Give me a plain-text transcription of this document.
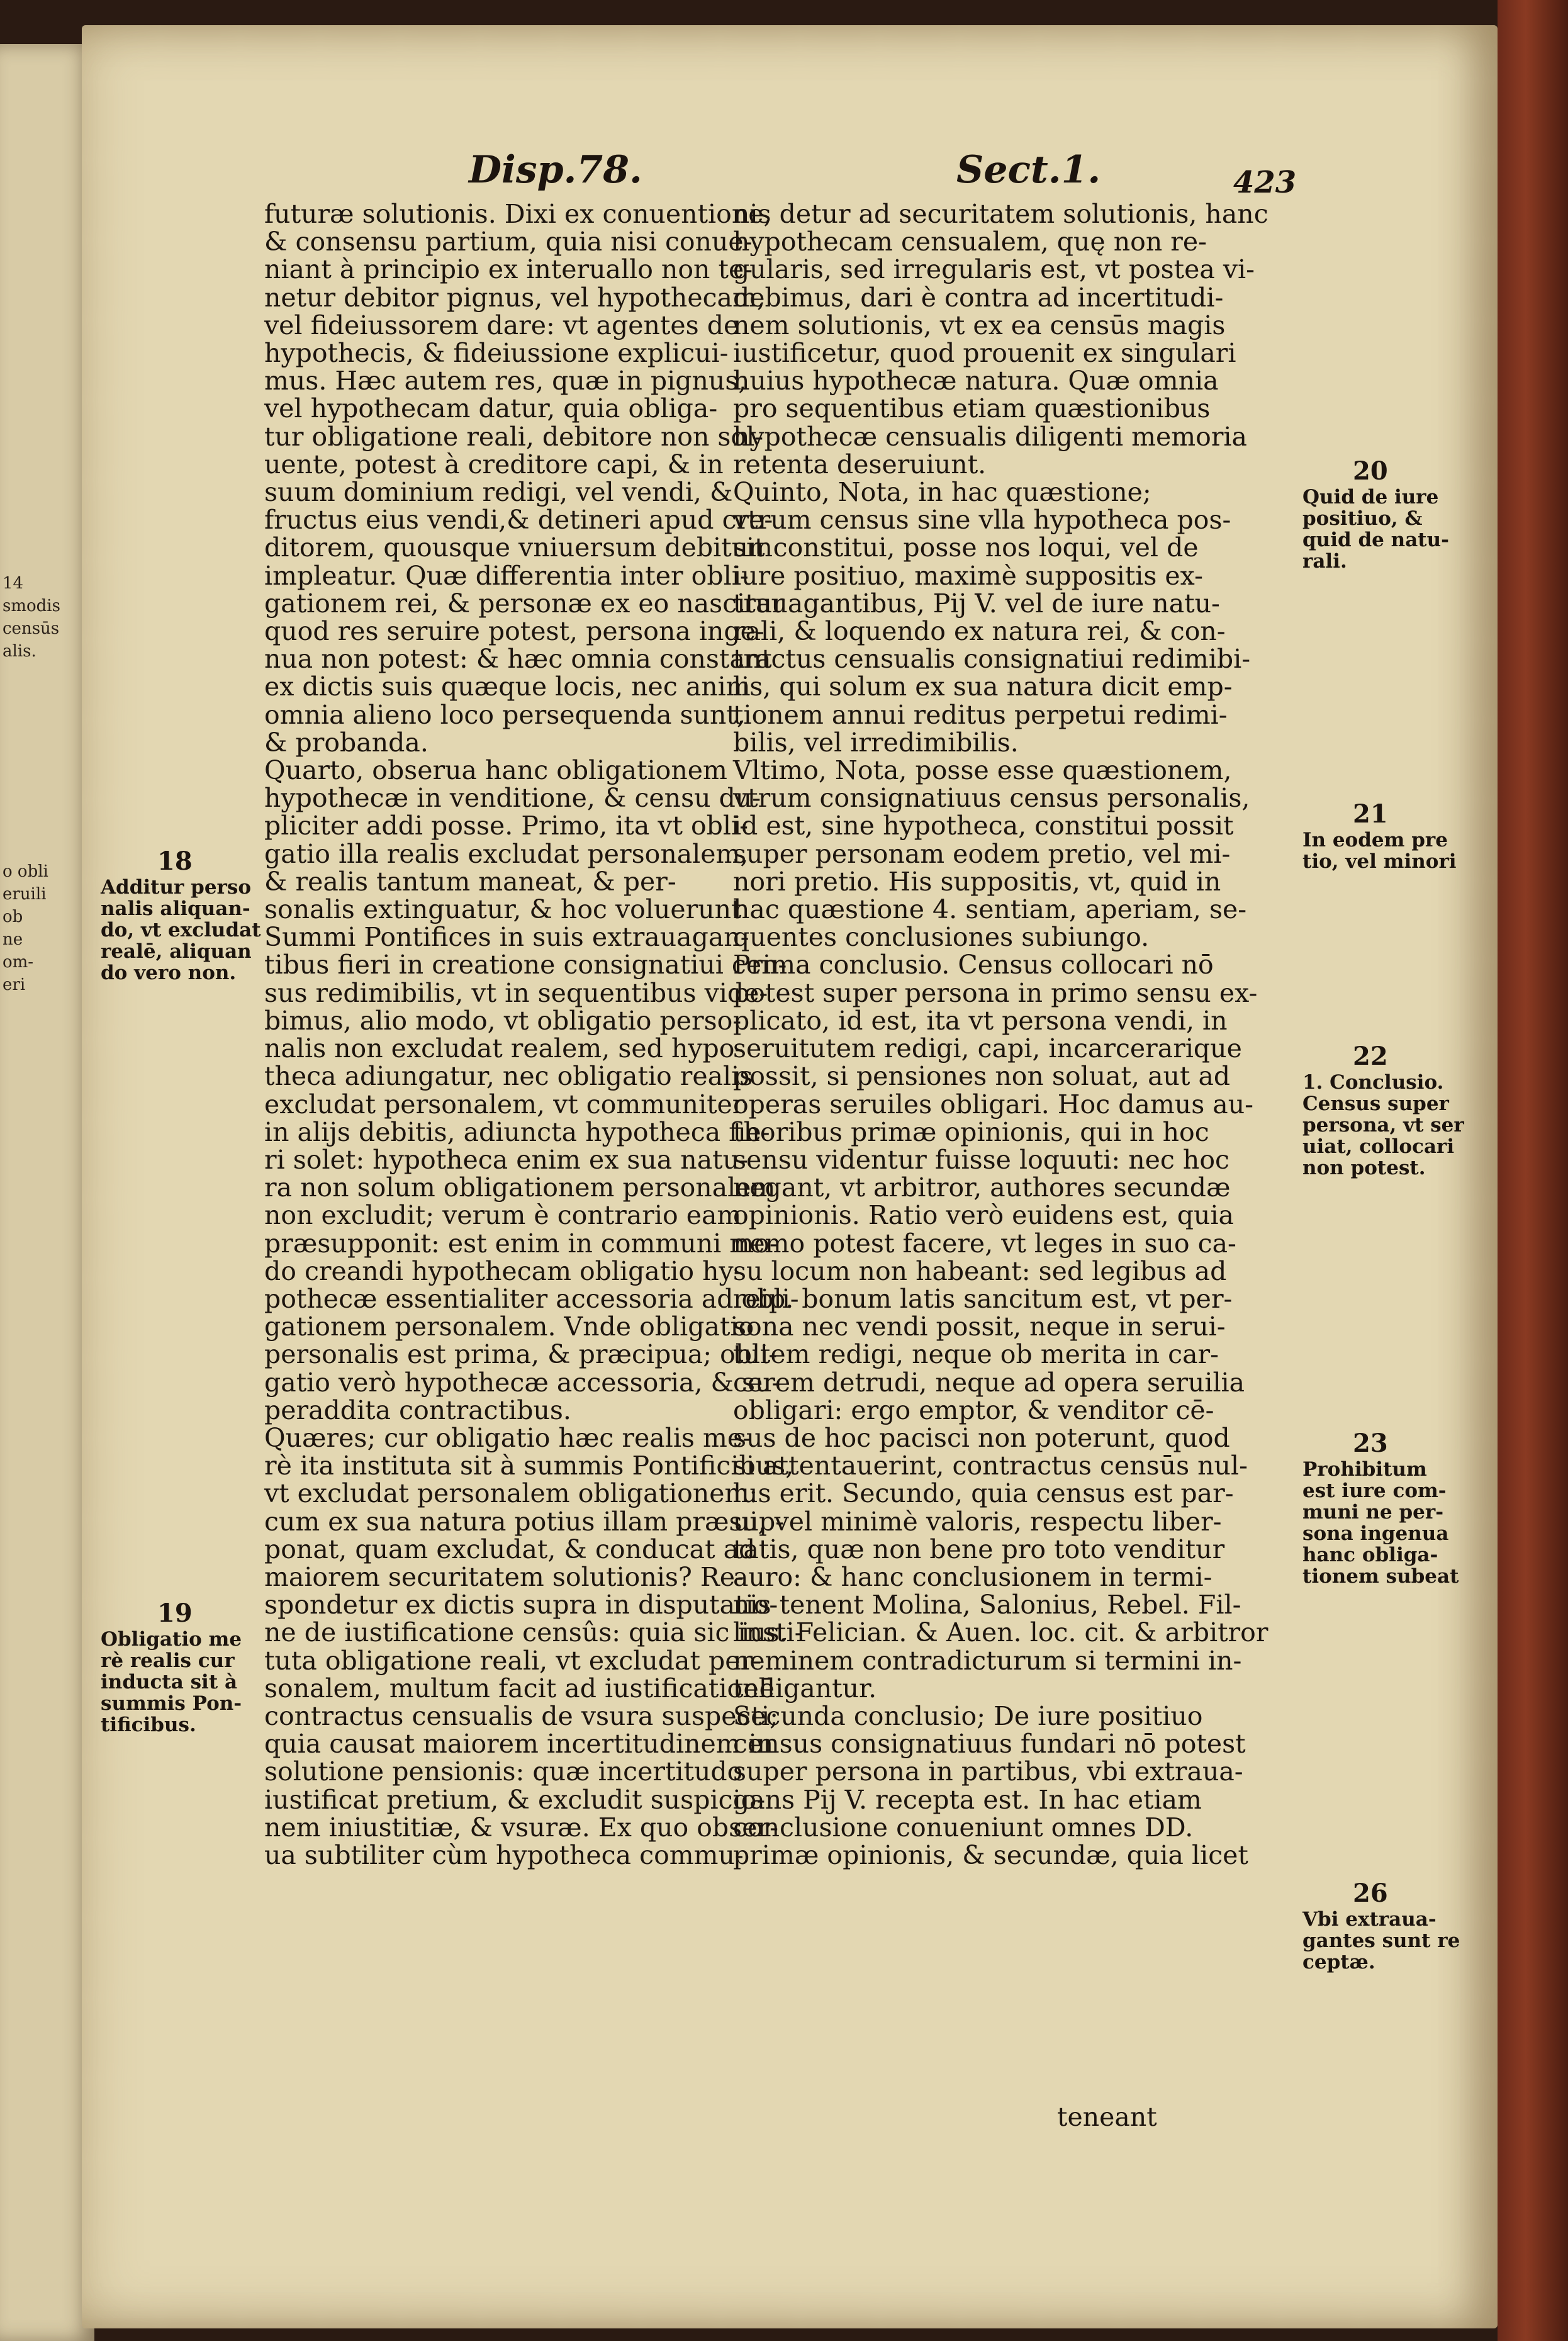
14
smodis
censūs
alis.
o obli
eruili
ob
ne
om-
eri
Disp.78.	Sect.1.	423
futuræ solutionis. Dixi ex conuentione,
& consensu partium, quia nisi conue-
niant à principio ex interuallo non te-
netur debitor pignus, vel hypothecam,
vel fideiussorem dare: vt agentes de
hypothecis, & fideiussione explicui-
mus. Hæc autem res, quæ in pignus,
vel hypothecam datur, quia obliga-
tur obligatione reali, debitore non sol-
uente, potest à creditore capi, & in
suum dominium redigi, vel vendi, &
fructus eius vendi,& detineri apud cre-
ditorem, quousque vniuersum debitum
impleatur. Quæ differentia inter obli-
gationem rei, & personæ ex eo nascitur
quod res seruire potest, persona inge-
nua non potest: & hæc omnia constant
ex dictis suis quæque locis, nec anim
omnia alieno loco persequenda sunt,
& probanda.
Quarto, obserua hanc obligationem
hypothecæ in venditione, & censu du-
pliciter addi posse. Primo, ita vt obli-
gatio illa realis excludat personalem,
& realis tantum maneat, & per-
sonalis extinguatur, & hoc voluerunt
Summi Pontifices in suis extrauagan-
tibus fieri in creatione consignatiui cen-
sus redimibilis, vt in sequentibus vide-
bimus, alio modo, vt obligatio perso-
nalis non excludat realem, sed hypo-
theca adiungatur, nec obligatio realis
excludat personalem, vt communiter
in alijs debitis, adiuncta hypotheca fie-
ri solet: hypotheca enim ex sua natu-
ra non solum obligationem personalem
non excludit; verum è contrario eam
præsupponit: est enim in communi mo-
do creandi hypothecam obligatio hy-
pothecæ essentialiter accessoria ad obli-
gationem personalem. Vnde obligatio
personalis est prima, & præcipua; obli-
gatio verò hypothecæ accessoria, & su-
peraddita contractibus.
Quæres; cur obligatio hæc realis me-
rè ita instituta sit à summis Pontificibus,
vt excludat personalem obligationem:
cum ex sua natura potius illam præsup-
ponat, quam excludat, & conducat ad
maiorem securitatem solutionis? Re-
spondetur ex dictis supra in disputatio-
ne de iustificatione censûs: quia sic insti-
tuta obligatione reali, vt excludat per-
sonalem, multum facit ad iustificationē
contractus censualis de vsura suspecti;
quia causat maiorem incertitudinem in
solutione pensionis: quæ incertitudo
iustificat pretium, & excludit suspicio-
nem iniustitiæ, & vsuræ. Ex quo obser-
ua subtiliter cùm hypotheca commu-
nis detur ad securitatem solutionis, hanc
hypothecam censualem, quę non re-
gularis, sed irregularis est, vt postea vi-
debimus, dari è contra ad incertitudi-
nem solutionis, vt ex ea censūs magis
iustificetur, quod prouenit ex singulari
huius hypothecæ natura. Quæ omnia
pro sequentibus etiam quæstionibus
hypothecæ censualis diligenti memoria
retenta deseruiunt.
Quinto, Nota, in hac quæstione;
vtrum census sine vlla hypotheca pos-
sit constitui, posse nos loqui, vel de
iure positiuo, maximè suppositis ex-
trauagantibus, Pij V. vel de iure natu-
rali, & loquendo ex natura rei, & con-
tractus censualis consignatiui redimibi-
lis, qui solum ex sua natura dicit emp-
tionem annui reditus perpetui redimi-
bilis, vel irredimibilis.
Vltimo, Nota, posse esse quæstionem,
vtrum consignatiuus census personalis,
id est, sine hypotheca, constitui possit
super personam eodem pretio, vel mi-
nori pretio. His suppositis, vt, quid in
hac quæstione 4. sentiam, aperiam, se-
quentes conclusiones subiungo.
Prima conclusio. Census collocari nō
potest super persona in primo sensu ex-
plicato, id est, ita vt persona vendi, in
seruitutem redigi, capi, incarcerarique
possit, si pensiones non soluat, aut ad
operas seruiles obligari. Hoc damus au-
thoribus primæ opinionis, qui in hoc
sensu videntur fuisse loquuti: nec hoc
negant, vt arbitror, authores secundæ
opinionis. Ratio verò euidens est, quia
nemo potest facere, vt leges in suo ca-
su locum non habeant: sed legibus ad
reip. bonum latis sancitum est, vt per-
sona nec vendi possit, neque in serui-
tutem redigi, neque ob merita in car-
cerem detrudi, neque ad opera seruilia
obligari: ergo emptor, & venditor cē-
sus de hoc pacisci non poterunt, quod
si attentauerint, contractus censūs nul-
lus erit. Secundo, quia census est par-
ui, vel minimè valoris, respectu liber-
tatis, quæ non bene pro toto venditur
auro: & hanc conclusionem in termi-
nis tenent Molina, Salonius, Rebel. Fil-
lius. Felician. & Auen. loc. cit. & arbitror
neminem contradicturum si termini in-
telligantur.
Secunda conclusio; De iure positiuo
census consignatiuus fundari nō potest
super persona in partibus, vbi extraua-
gans Pij V. recepta est. In hac etiam
conclusione conueniunt omnes DD.
primæ opinionis, & secundæ, quia licet
teneant
18
Additur perso
nalis aliquan-
do, vt excludat
realē, aliquan
do vero non.
19
Obligatio me
rè realis cur
inducta sit à
summis Pon-
tificibus.
20
Quid de iure
positiuo, &
quid de natu-
rali.
21
In eodem pre
tio, vel minori
22
1. Conclusio.
Census super
persona, vt ser
uiat, collocari
non potest.
23
Prohibitum
est iure com-
muni ne per-
sona ingenua
hanc obliga-
tionem subeat
26
Vbi extraua-
gantes sunt re
ceptæ.
